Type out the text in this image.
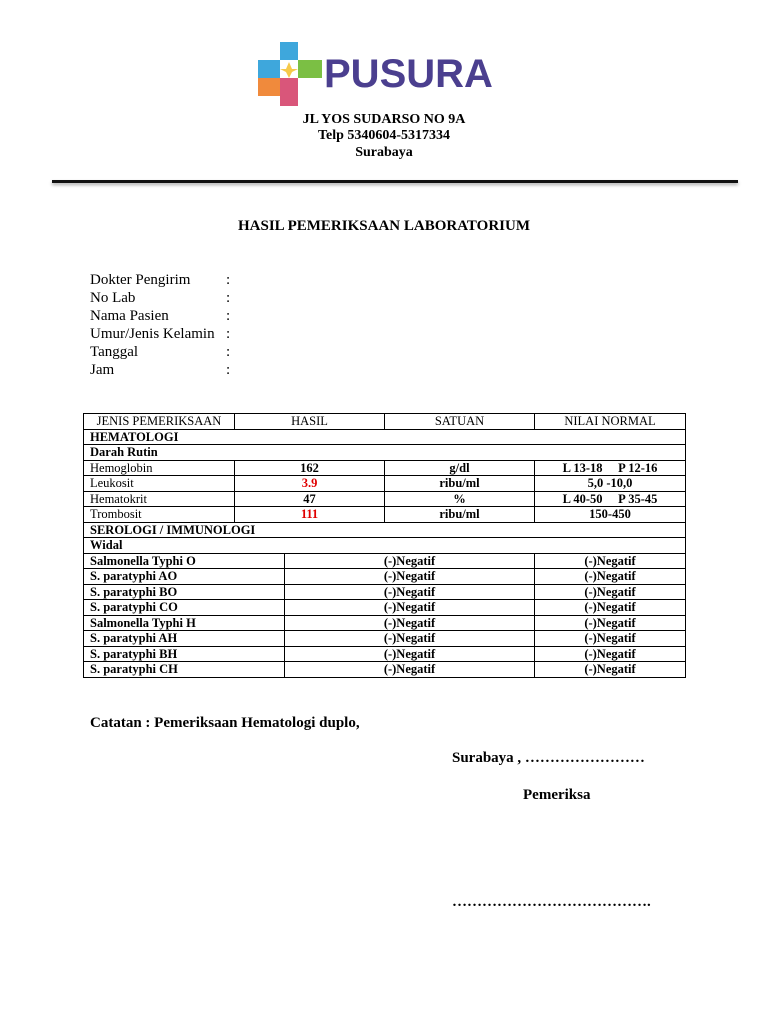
PUSURA
JL YOS SUDARSO NO 9A
Telp 5340604-5317334
Surabaya
HASIL PEMERIKSAAN LABORATORIUM
Dokter Pengirim :
No Lab	:
Nama Pasien	:
Umur/Jenis Kelamin :
Tanggal	:
Jam	:
JENIS PEMERIKSAAN	HASIL		SATUAN	NILAI NORMAL
HEMATOLOGI				
Darah Rutin				
Hemoglobin	162		g/dl	L 13-18     P 12-16
Leukosit	3.9		ribu/ml	5,0 -10,0
Hematokrit	47		%	L 40-50     P 35-45
Trombosit	111		ribu/ml	150-450
SEROLOGI / IMMUNOLOGI				
Widal				
Salmonella Typhi O		(-)Negatif		(-)Negatif
S. paratyphi AO		(-)Negatif		(-)Negatif
S. paratyphi BO		(-)Negatif		(-)Negatif
S. paratyphi CO		(-)Negatif		(-)Negatif
Salmonella Typhi H		(-)Negatif		(-)Negatif
S. paratyphi AH		(-)Negatif		(-)Negatif
S. paratyphi BH		(-)Negatif		(-)Negatif
S. paratyphi CH		(-)Negatif		(-)Negatif
Catatan : Pemeriksaan Hematologi duplo,
Surabaya , ……………………
Pemeriksa
………………………………….
